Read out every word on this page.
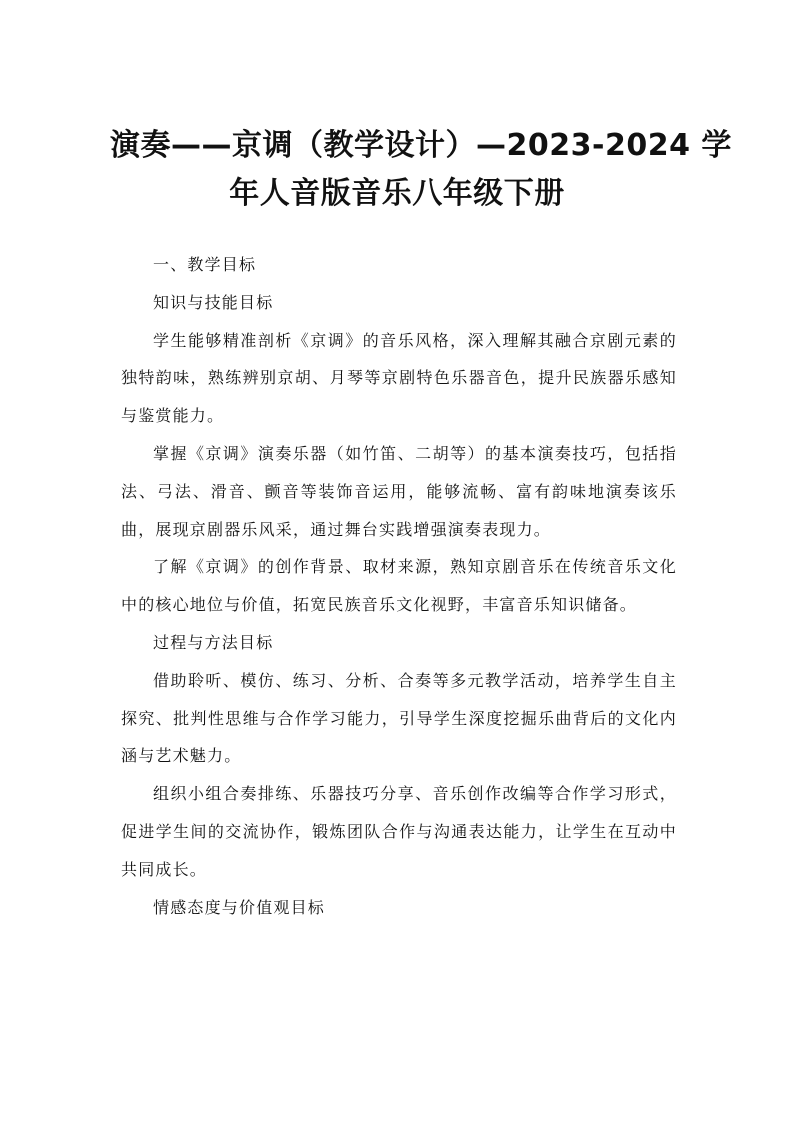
演奏——京调（教学设计）—2023-2024 学
年人音版音乐八年级下册

一、教学目标

知识与技能目标

学生能够精准剖析《京调》的音乐风格，深入理解其融合京剧元素的独特韵味，熟练辨别京胡、月琴等京剧特色乐器音色，提升民族器乐感知与鉴赏能力。

掌握《京调》演奏乐器（如竹笛、二胡等）的基本演奏技巧，包括指法、弓法、滑音、颤音等装饰音运用，能够流畅、富有韵味地演奏该乐曲，展现京剧器乐风采，通过舞台实践增强演奏表现力。

了解《京调》的创作背景、取材来源，熟知京剧音乐在传统音乐文化中的核心地位与价值，拓宽民族音乐文化视野，丰富音乐知识储备。

过程与方法目标

借助聆听、模仿、练习、分析、合奏等多元教学活动，培养学生自主探究、批判性思维与合作学习能力，引导学生深度挖掘乐曲背后的文化内涵与艺术魅力。

组织小组合奏排练、乐器技巧分享、音乐创作改编等合作学习形式，促进学生间的交流协作，锻炼团队合作与沟通表达能力，让学生在互动中共同成长。

情感态度与价值观目标
